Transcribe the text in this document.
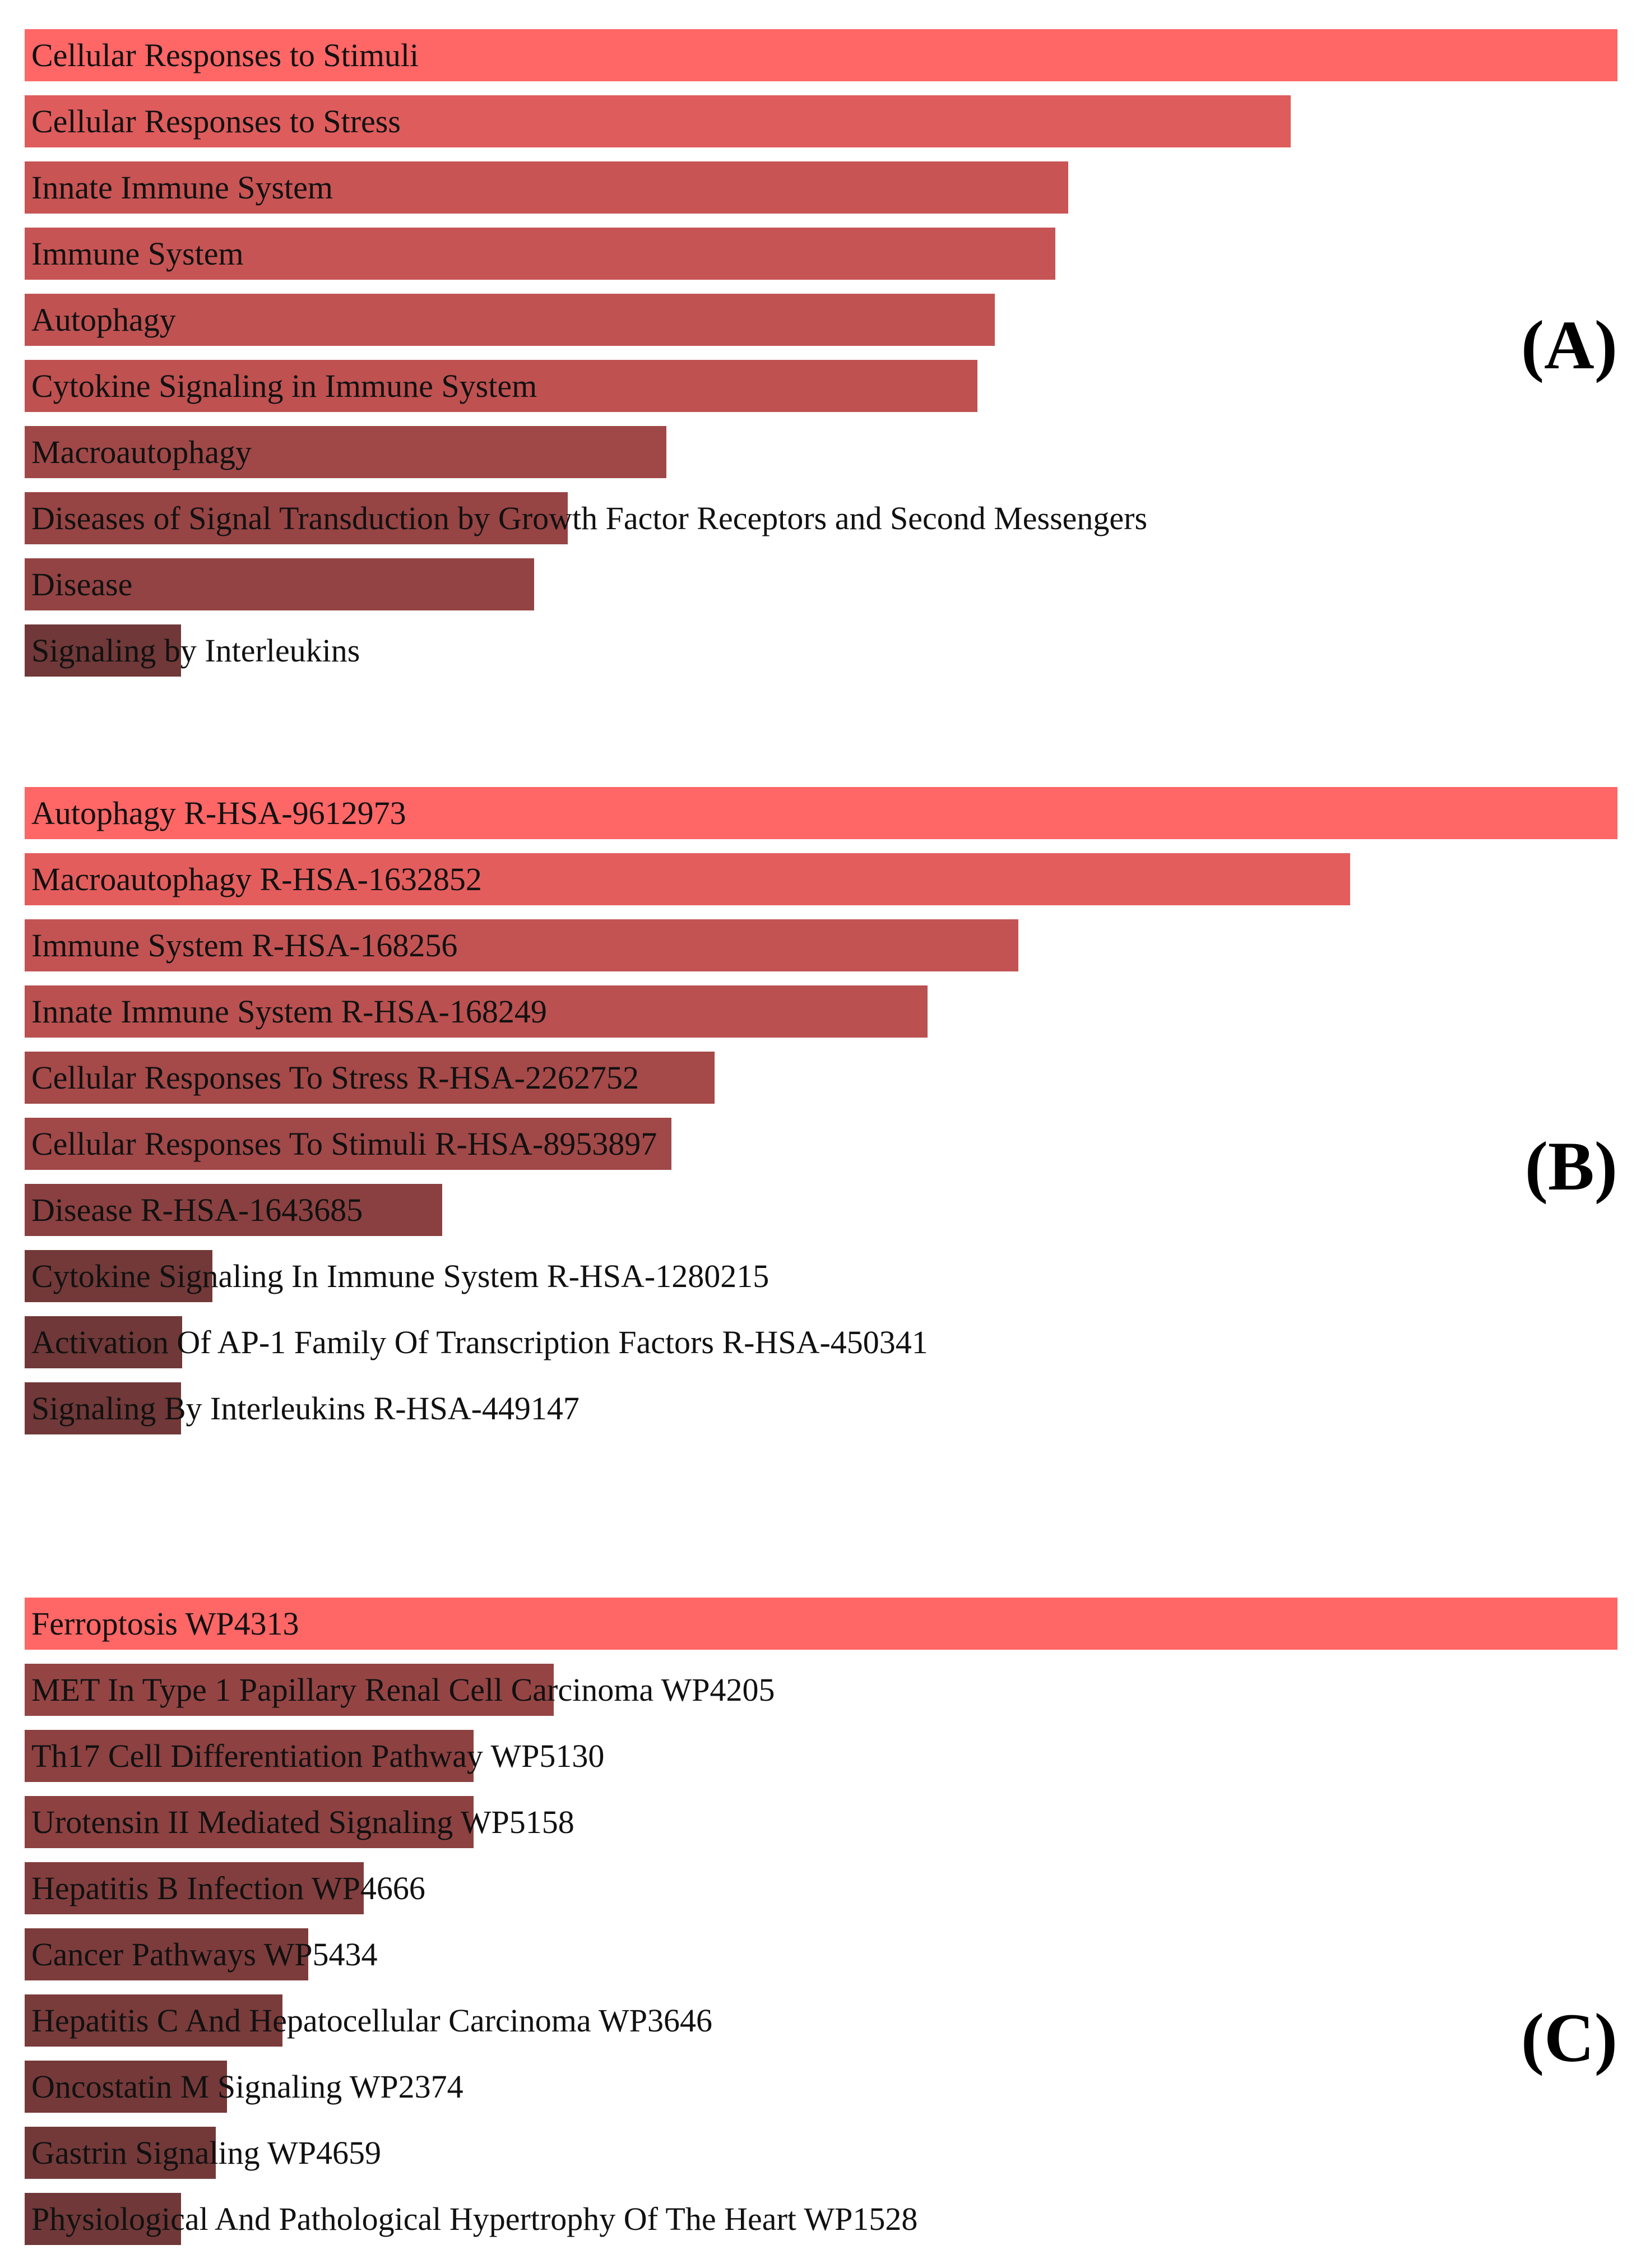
Cellular Responses to Stimuli
Cellular Responses to Stress
Innate Immune System
Immune System
Autophagy
Cytokine Signaling in Immune System
Macroautophagy
Diseases of Signal Transduction by Growth Factor Receptors and Second Messengers
Disease
Signaling by Interleukins
(A)
Autophagy R-HSA-9612973
Macroautophagy R-HSA-1632852
Immune System R-HSA-168256
Innate Immune System R-HSA-168249
Cellular Responses To Stress R-HSA-2262752
Cellular Responses To Stimuli R-HSA-8953897
Disease R-HSA-1643685
Cytokine Signaling In Immune System R-HSA-1280215
Activation Of AP-1 Family Of Transcription Factors R-HSA-450341
Signaling By Interleukins R-HSA-449147
(B)
Ferroptosis WP4313
MET In Type 1 Papillary Renal Cell Carcinoma WP4205
Th17 Cell Differentiation Pathway WP5130
Urotensin II Mediated Signaling WP5158
Hepatitis B Infection WP4666
Cancer Pathways WP5434
Hepatitis C And Hepatocellular Carcinoma WP3646
Oncostatin M Signaling WP2374
Gastrin Signaling WP4659
Physiological And Pathological Hypertrophy Of The Heart WP1528
(C)
